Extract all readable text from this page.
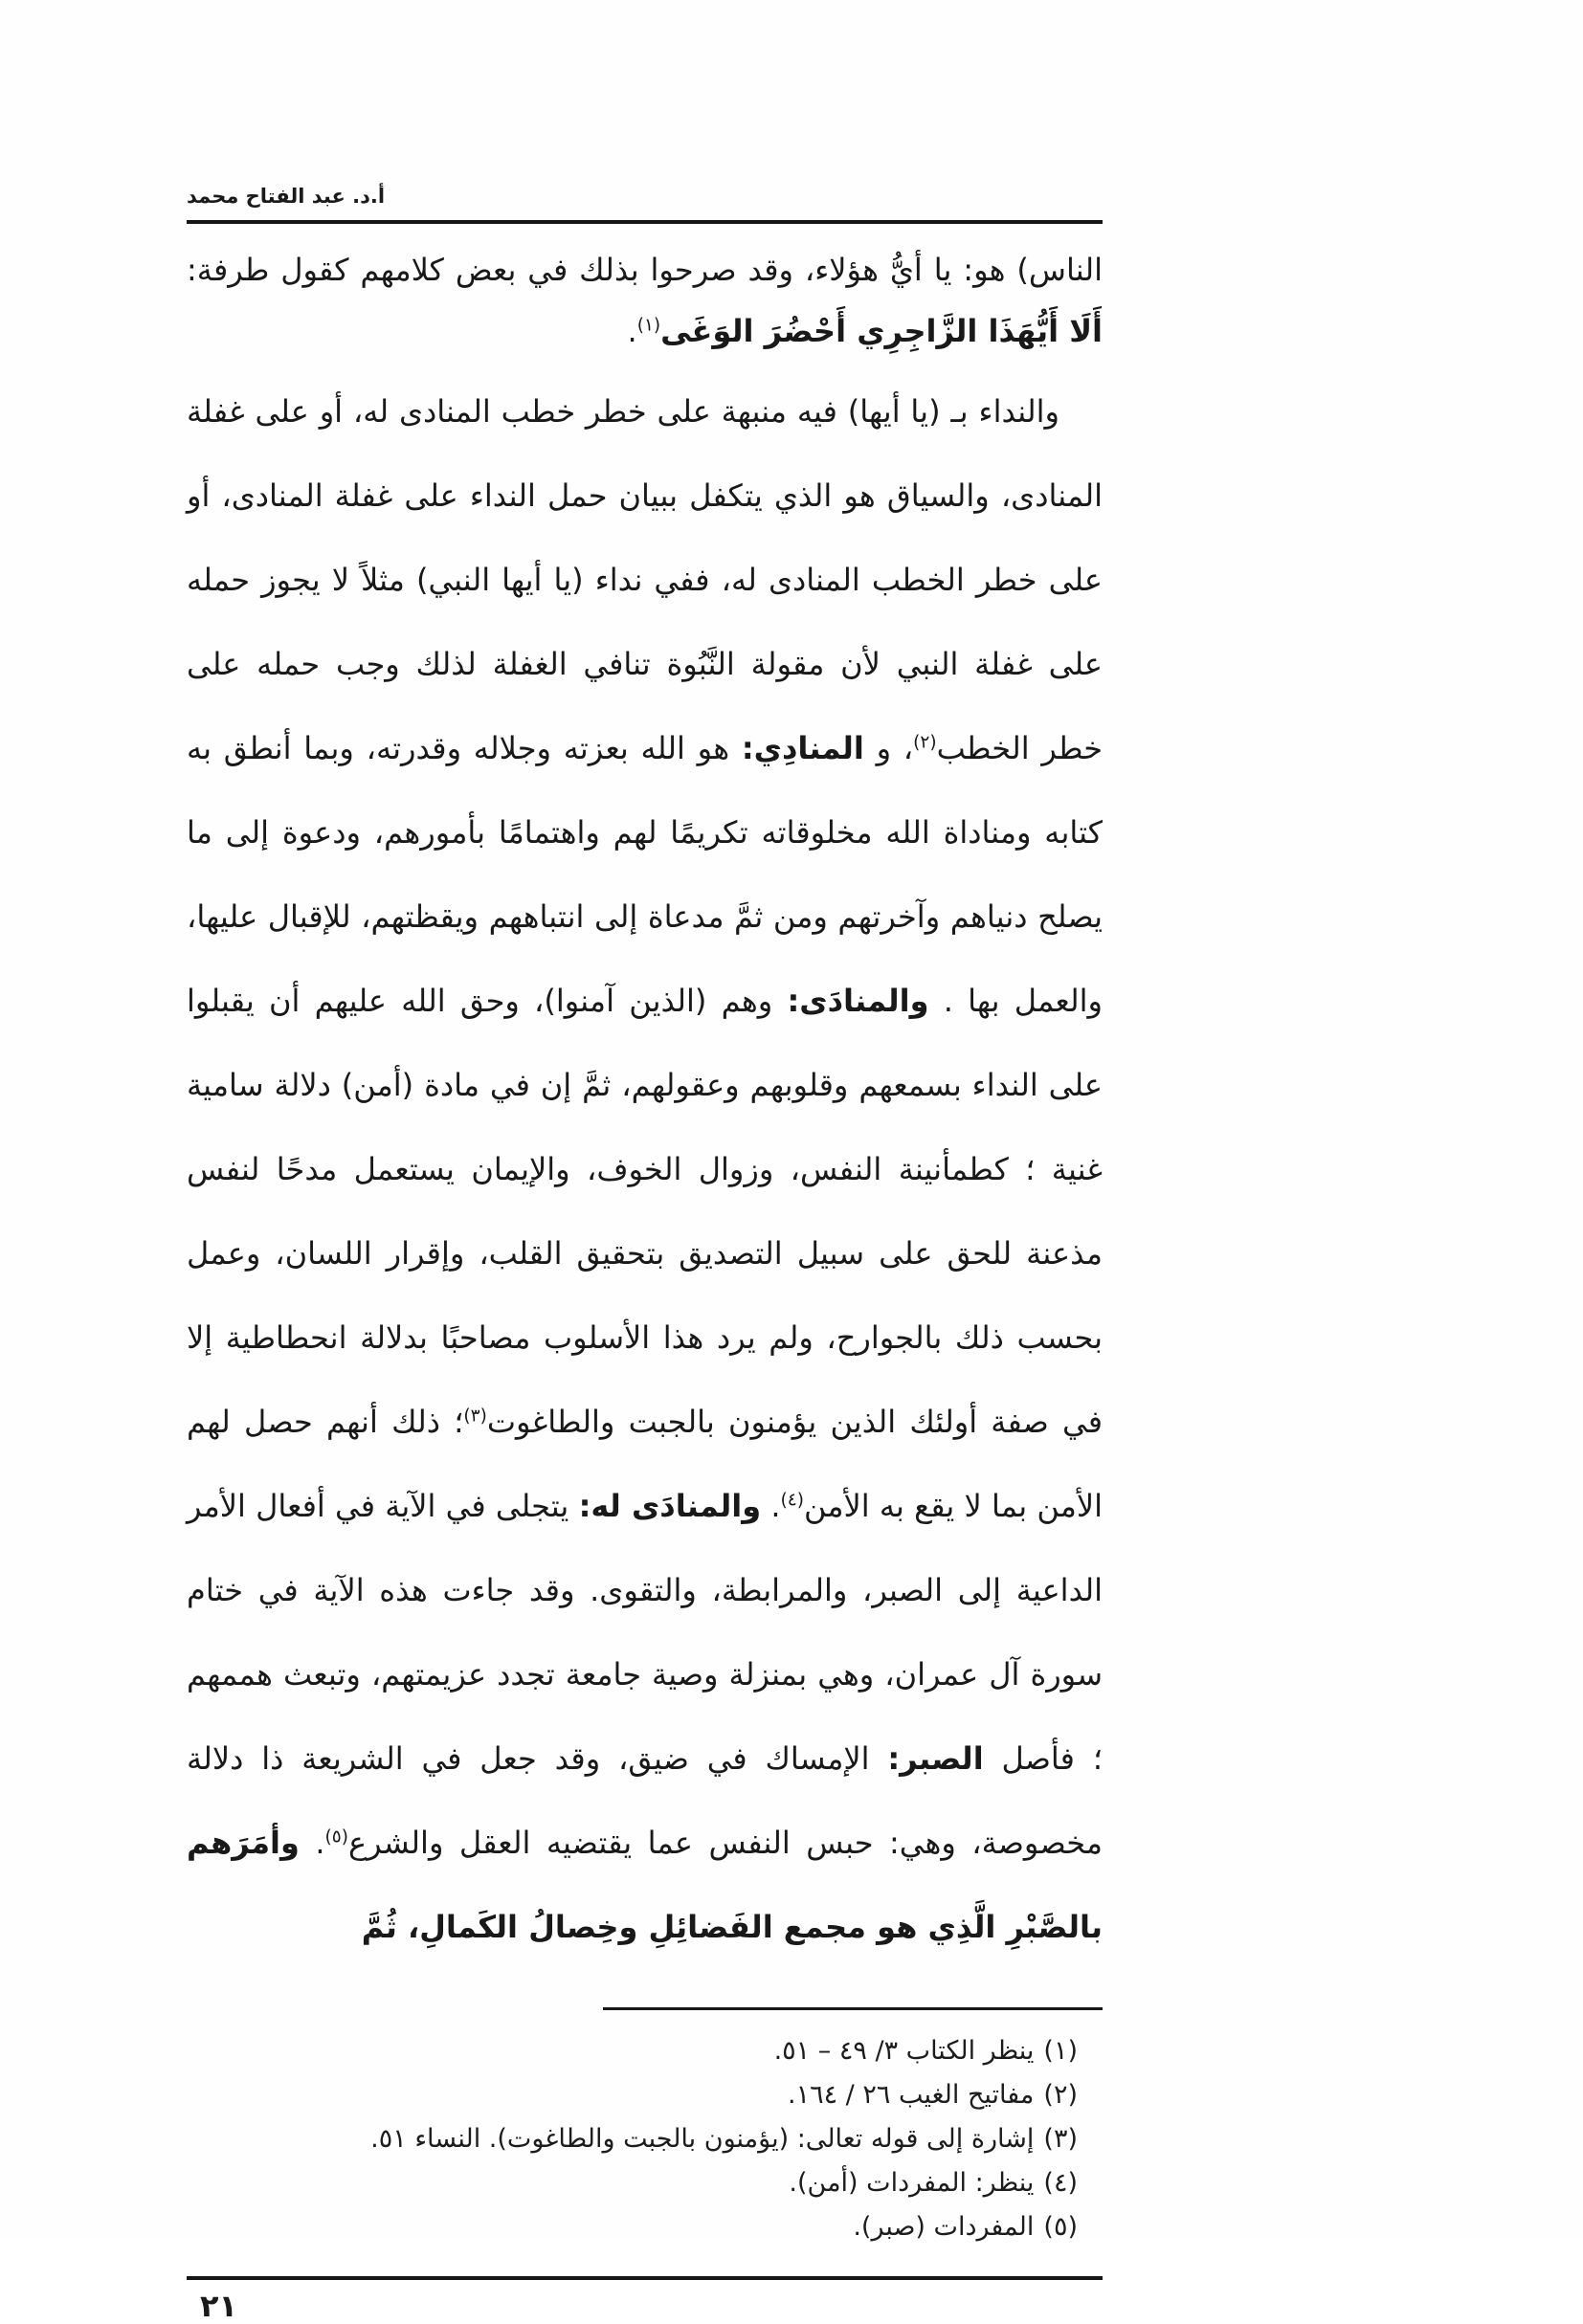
أ.د. عبد الفتاح محمد

الناس) هو: يا أيُّ هؤلاء، وقد صرحوا بذلك في بعض كلامهم كقول طرفة: أَلَا أَيُّهَذَا الزَّاجِرِي أَحْضُرَ الوَغَى$^{(١)}$.

والنداء بـ (يا أيها) فيه منبهة على خطر خطب المنادى له، أو على غفلة المنادى، والسياق هو الذي يتكفل ببيان حمل النداء على غفلة المنادى، أو على خطر الخطب المنادى له، ففي نداء (يا أيها النبي) مثلاً لا يجوز حمله على غفلة النبي لأن مقولة النَّبُوة تنافي الغفلة لذلك وجب حمله على خطر الخطب$^{(٢)}$، و المنادِي: هو الله بعزته وجلاله وقدرته، وبما أنطق به كتابه ومناداة الله مخلوقاته تكريمًا لهم واهتمامًا بأمورهم، ودعوة إلى ما يصلح دنياهم وآخرتهم ومن ثمَّ مدعاة إلى انتباههم ويقظتهم، للإقبال عليها، والعمل بها . والمنادَى: وهم (الذين آمنوا)، وحق الله عليهم أن يقبلوا على النداء بسمعهم وقلوبهم وعقولهم، ثمَّ إن في مادة (أمن) دلالة سامية غنية ؛ كطمأنينة النفس، وزوال الخوف، والإيمان يستعمل مدحًا لنفس مذعنة للحق على سبيل التصديق بتحقيق القلب، وإقرار اللسان، وعمل بحسب ذلك بالجوارح، ولم يرد هذا الأسلوب مصاحبًا بدلالة انحطاطية إلا في صفة أولئك الذين يؤمنون بالجبت والطاغوت$^{(٣)}$؛ ذلك أنهم حصل لهم الأمن بما لا يقع به الأمن$^{(٤)}$. والمنادَى له: يتجلى في الآية في أفعال الأمر الداعية إلى الصبر، والمرابطة، والتقوى. وقد جاءت هذه الآية في ختام سورة آل عمران، وهي بمنزلة وصية جامعة تجدد عزيمتهم، وتبعث هممهم ؛ فأصل الصبر: الإمساك في ضيق، وقد جعل في الشريعة ذا دلالة مخصوصة، وهي: حبس النفس عما يقتضيه العقل والشرع$^{(٥)}$. وأمَرَهم بالصَّبْرِ الَّذِي هو مجمع الفَضائِلِ وخِصالُ الكَمالِ، ثُمَّ

(١)ينظر الكتاب ٣/ ٤٩ – ٥١.
(٢)مفاتيح الغيب ٢٦ / ١٦٤.
(٣)إشارة إلى قوله تعالى: (يؤمنون بالجبت والطاغوت). النساء ٥١.
(٤)ينظر: المفردات (أمن).
(٥)المفردات (صبر).
٢١
